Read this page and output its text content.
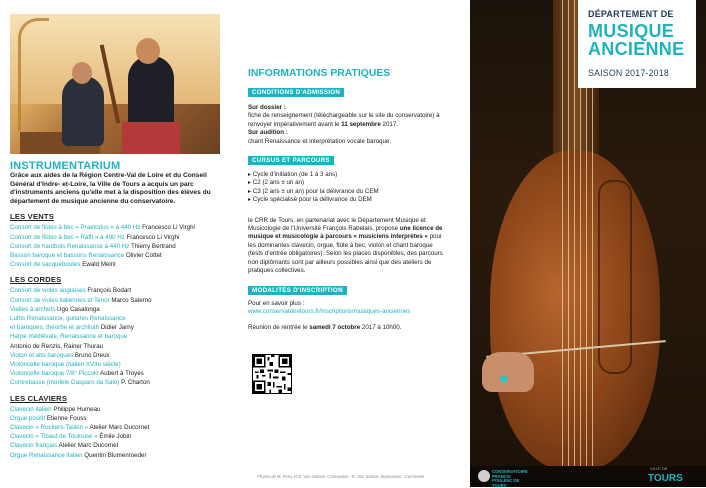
INSTRUMENTARIUM
Grâce aux aides de la Région Centre-Val de Loire et du Conseil Général d'Indre- et-Loire, la Ville de Tours a acquis un parc d'instruments anciens qu'elle met à la disposition des élèves du département de musique ancienne du conservatoire.
LES VENTS
Consort de flûtes à bec « Praetorius » à 440 Hz Francesco Li Virghi
Consort de flûtes à bec « Raffi » à 490 Hz Francesco Li Virghi
Consort de hautbois Renaissance à 440 Hz Thierry Bertrand
Basson baroque et bassons Renaissance Olivier Cottet
Consort de sacqueboutes Ewald Meinl
LES CORDES
Consort de violes anglaises François Bodart
Consort de violes italiennes et Tenor Marco Salerno
Vielles à archets Ugo Casalonga
Luths Renaissance, guitares Renaissance
et baroques, théorbe et archiluth Didier Jarny
Harpe médiévale, Renaissance et baroque
Antonio de Renzis, Rainer Thurau
Violon et alto baroques Bruno Dreux
Violoncelle baroque (italien XVIIe siècle)
Violoncelle baroque 7/8° Piccolo Aubert à Troyes
Contrebasse (modèle Gasparo da Salo) P. Charton
LES CLAVIERS
Clavecin italien Philippe Humeau
Orgue positif Etienne Fouss
Clavecin « Ruckers-Taskin » Atelier Marc Ducornet
Clavecin « Tibaut de Toulouse » Émile Jobin
Clavecin français Atelier Marc Ducornet
Orgue Renaissance italien Quentin Blumenroeder
INFORMATIONS PRATIQUES
CONDITIONS D'ADMISSION
Sur dossier :
fiche de renseignement (téléchargeable sur le site du conservatoire) à renvoyer impérativement avant le 11 septembre 2017.
Sur audition :
chant Renaissance et interprétation vocale baroque.
CURSUS ET PARCOURS
▸ Cycle d'initiation (de 1 à 3 ans)
▸ C2 (2 ans ± un an)
▸ C3 (2 ans ± un an) pour la délivrance du CEM
▸ Cycle spécialisé pour la délivrance du DEM
le CRR de Tours, en partenariat avec le Département Musique et Musicologie de l'Université François Rabelais, propose une licence de musique et musicologie à parcours « musiciens interprètes » pour les dominantes clavecin, orgue, flûte à bec, violon et chant baroque (tests d'entrée obligatoires). Selon les places disponibles, des parcours non diplômants sont par ailleurs possibles ainsi que des ateliers de pratiques collectives.
MODALITÉS D'INSCRIPTION
Pour en savoir plus :
www.conservatoiretours.fr/inscriptions/musiques-anciennes
Réunion de rentrée le samedi 7 octobre 2017 à 10h00.
Photos de M. Ferry et E. Von Santos, Conception : E. Von Santos, Impression : Cerclevise
DÉPARTEMENT DE
MUSIQUE
ANCIENNE
SAISON 2017-2018
CONSERVATOIRE FRANCIS POULENC DE TOURS
VILLE DE
TOURS
